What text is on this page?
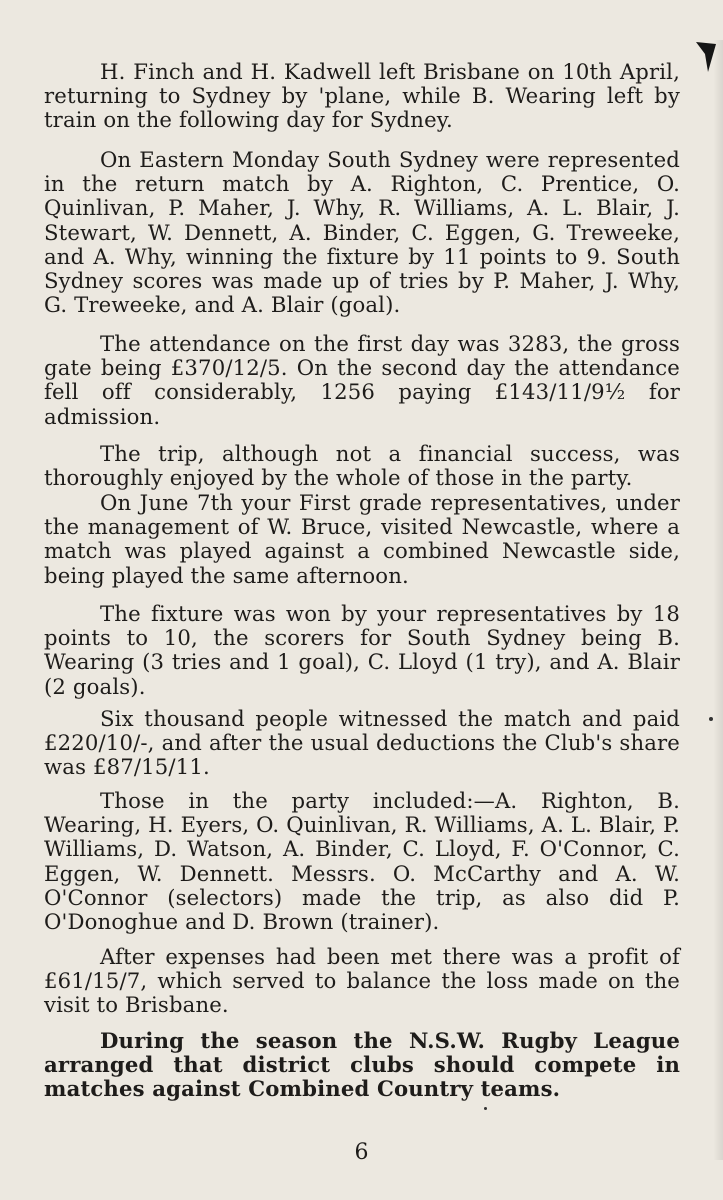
H. Finch and H. Kadwell left Brisbane on 10th April, returning to Sydney by 'plane, while B. Wearing left by train on the following day for Sydney.

On Eastern Monday South Sydney were represented in the return match by A. Righton, C. Prentice, O. Quinlivan, P. Maher, J. Why, R. Williams, A. L. Blair, J. Stewart, W. Dennett, A. Binder, C. Eggen, G. Treweeke, and A. Why, winning the fixture by 11 points to 9. South Sydney scores was made up of tries by P. Maher, J. Why, G. Treweeke, and A. Blair (goal).

The attendance on the first day was 3283, the gross gate being £370/12/5. On the second day the attendance fell off considerably, 1256 paying £143/11/9½ for admission.

The trip, although not a financial success, was thoroughly enjoyed by the whole of those in the party.

On June 7th your First grade representatives, under the management of W. Bruce, visited Newcastle, where a match was played against a combined Newcastle side, being played the same afternoon.

The fixture was won by your representatives by 18 points to 10, the scorers for South Sydney being B. Wearing (3 tries and 1 goal), C. Lloyd (1 try), and A. Blair (2 goals).

Six thousand people witnessed the match and paid £220/10/-, and after the usual deductions the Club's share was £87/15/11.

Those in the party included:—A. Righton, B. Wearing, H. Eyers, O. Quinlivan, R. Williams, A. L. Blair, P. Williams, D. Watson, A. Binder, C. Lloyd, F. O'Connor, C. Eggen, W. Dennett. Messrs. O. McCarthy and A. W. O'Connor (selectors) made the trip, as also did P. O'Donoghue and D. Brown (trainer).

After expenses had been met there was a profit of £61/15/7, which served to balance the loss made on the visit to Brisbane.

During the season the N.S.W. Rugby League arranged that district clubs should compete in matches against Combined Country teams.

6
